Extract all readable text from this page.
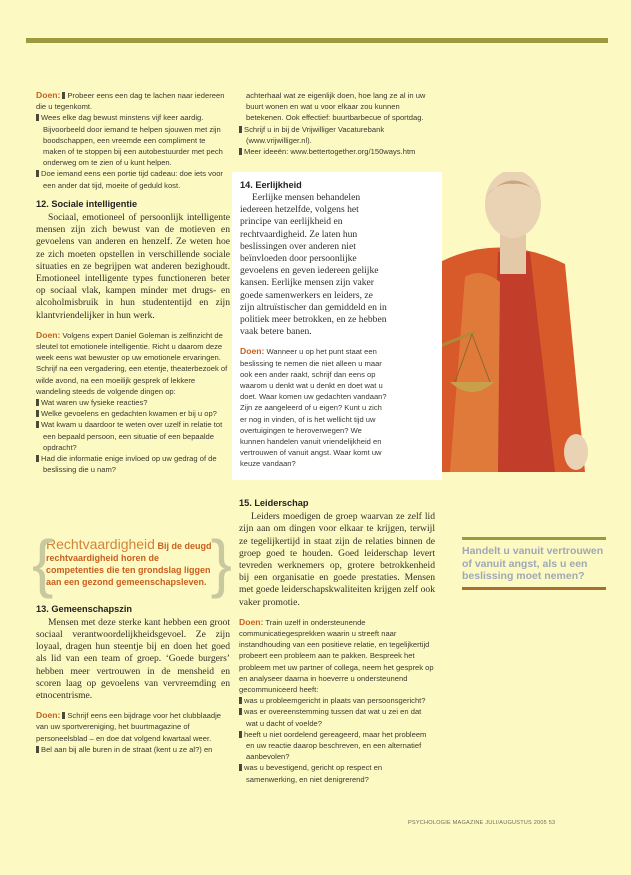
Doen: Probeer eens een dag te lachen naar iedereen die u tegenkomt.

Wees elke dag bewust minstens vijf keer aardig. Bijvoorbeeld door iemand te helpen sjouwen met zijn boodschappen, een vreemde een compliment te maken of te stoppen bij een autobestuurder met pech onderweg om te zien of u kunt helpen.
Doe iemand eens een portie tijd cadeau: doe iets voor een ander dat tijd, moeite of geduld kost.
12. Sociale intelligentie

Sociaal, emotioneel of persoonlijk intelligente mensen zijn zich bewust van de motieven en gevoelens van anderen en henzelf. Ze weten hoe ze zich moeten opstellen in verschillende sociale situaties en ze begrijpen wat anderen bezighoudt. Emotioneel intelligente types functioneren beter op sociaal vlak, kampen minder met drugs- en alcoholmisbruik in hun studententijd en zijn klantvriendelijker in hun werk.

Doen: Volgens expert Daniel Goleman is zelfinzicht de sleutel tot emotionele intelligentie. Richt u daarom deze week eens wat bewuster op uw emotionele ervaringen. Schrijf na een vergadering, een etentje, theaterbezoek of wilde avond, na een moeilijk gesprek of lekkere wandeling steeds de volgende dingen op:

Wat waren uw fysieke reacties?
Welke gevoelens en gedachten kwamen er bij u op?
Wat kwam u daardoor te weten over uzelf in relatie tot een bepaald persoon, een situatie of een bepaalde opdracht?
Had die informatie enige invloed op uw gedrag of de beslissing die u nam?
13. Gemeenschapszin

Mensen met deze sterke kant hebben een groot sociaal verantwoordelijkheidsgevoel. Ze zijn loyaal, dragen hun steentje bij en doen het goed als lid van een team of groep. ‘Goede burgers’ hebben meer vertrouwen in de mensheid en scoren laag op gevoelens van vervreemding en etnocentrisme.

Doen: Schrijf eens een bijdrage voor het clubblaadje van uw sportvereniging, het buurtmagazine of personeelsblad – en doe dat volgend kwartaal weer.

Bel aan bij alle buren in de straat (kent u ze al?) en
{ }
Rechtvaardigheid Bij de deugd rechtvaardigheid horen de competenties die ten grondslag liggen aan een gezond gemeenschapsleven.

achterhaal wat ze eigenlijk doen, hoe lang ze al in uw buurt wonen en wat u voor elkaar zou kunnen betekenen. Ook effectief: buurtbarbecue of sportdag.

Schrijf u in bij de Vrijwilliger Vacaturebank (www.vrijwilliger.nl).
Meer ideeën: www.bettertogether.org/150ways.htm
14. Eerlijkheid

Eerlijke mensen behandelen iedereen hetzelfde, volgens het principe van eerlijkheid en rechtvaardigheid. Ze laten hun beslissingen over anderen niet beïnvloeden door persoonlijke gevoelens en geven iedereen gelijke kansen. Eerlijke mensen zijn vaker goede samenwerkers en leiders, ze zijn altruïstischer dan gemiddeld en in politiek meer betrokken, en ze hebben vaak betere banen.

Doen: Wanneer u op het punt staat een beslissing te nemen die niet alleen u maar ook een ander raakt, schrijf dan eens op waarom u denkt wat u denkt en doet wat u doet. Waar komen uw gedachten vandaan? Zijn ze aangeleerd of u eigen? Kunt u zich er nog in vinden, of is het wellicht tijd uw overtuigingen te heroverwegen? We kunnen handelen vanuit vriendelijkheid en vertrouwen of vanuit angst. Waar komt uw keuze vandaan?

15. Leiderschap

Leiders moedigen de groep waarvan ze zelf lid zijn aan om dingen voor elkaar te krijgen, terwijl ze tegelijkertijd in staat zijn de relaties binnen de groep goed te houden. Goed leiderschap levert tevreden werknemers op, grotere betrokkenheid bij een organisatie en goede prestaties. Mensen met goede leiderschapskwaliteiten krijgen zelf ook vaker promotie.

Doen: Train uzelf in ondersteunende communicatiegesprekken waarin u streeft naar instandhouding van een positieve relatie, en tegelijkertijd probeert een probleem aan te pakken. Bespreek het probleem met uw partner of collega, neem het gesprek op en analyseer daarna in hoeverre u ondersteunend gecommuniceerd heeft:

was u probleemgericht in plaats van persoonsgericht?
was er overeenstemming tussen dat wat u zei en dat wat u dacht of voelde?
heeft u niet oordelend gereageerd, maar het probleem en uw reactie daarop beschreven, en een alternatief aanbevolen?
was u bevestigend, gericht op respect en samenwerking, en niet denigrerend?
Handelt u vanuit vertrouwen of vanuit angst, als u een beslissing moet nemen?
PSYCHOLOGIE MAGAZINE JULI/AUGUSTUS 2005 53
